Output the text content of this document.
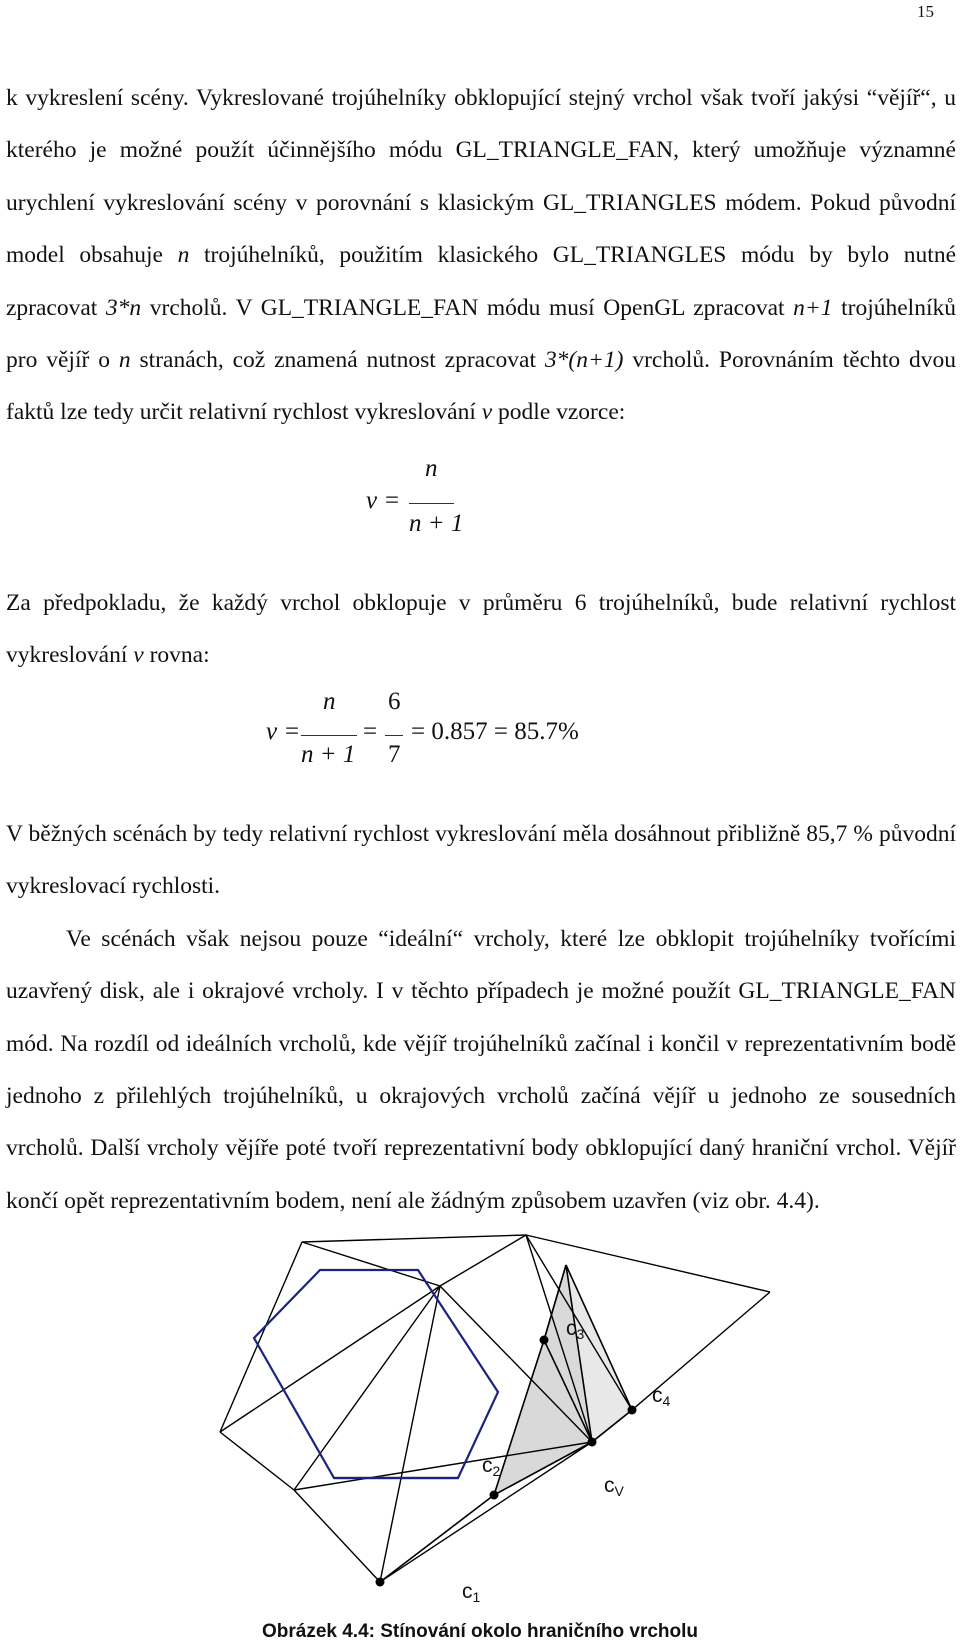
15

k vykreslení scény. Vykreslované trojúhelníky obklopující stejný vrchol však tvoří jakýsi “vějíř“, u kterého je možné použít účinnějšího módu GL_TRIANGLE_FAN, který umožňuje významné urychlení vykreslování scény v porovnání s klasickým GL_TRIANGLES módem. Pokud původní model obsahuje n trojúhelníků, použitím klasického GL_TRIANGLES módu by bylo nutné zpracovat 3*n vrcholů. V GL_TRIANGLE_FAN módu musí OpenGL zpracovat n+1 trojúhelníků pro vějíř o n stranách, což znamená nutnost zpracovat 3*(n+1) vrcholů. Porovnáním těchto dvou faktů lze tedy určit relativní rychlost vykreslování v podle vzorce:

v =
n
n + 1

Za předpokladu, že každý vrchol obklopuje v průměru 6 trojúhelníků, bude relativní rychlost vykreslování v rovna:

v =
n
n + 1
=
6
7
= 0.857 = 85.7%

V běžných scénách by tedy relativní rychlost vykreslování měla dosáhnout přibližně 85,7 % původní vykreslovací rychlosti.

Ve scénách však nejsou pouze “ideální“ vrcholy, které lze obklopit trojúhelníky tvořícími uzavřený disk, ale i okrajové vrcholy. I v těchto případech je možné použít GL_TRIANGLE_FAN mód. Na rozdíl od ideálních vrcholů, kde vějíř trojúhelníků začínal i končil v reprezentativním bodě jednoho z přilehlých trojúhelníků, u okrajových vrcholů začíná vějíř u jednoho ze sousedních vrcholů. Další vrcholy vějíře poté tvoří reprezentativní body obklopující daný hraniční vrchol. Vějíř končí opět reprezentativním bodem, není ale žádným způsobem uzavřen (viz obr. 4.4).

c3
c4
c2
cV
c1
Obrázek 4.4: Stínování okolo hraničního vrcholu
